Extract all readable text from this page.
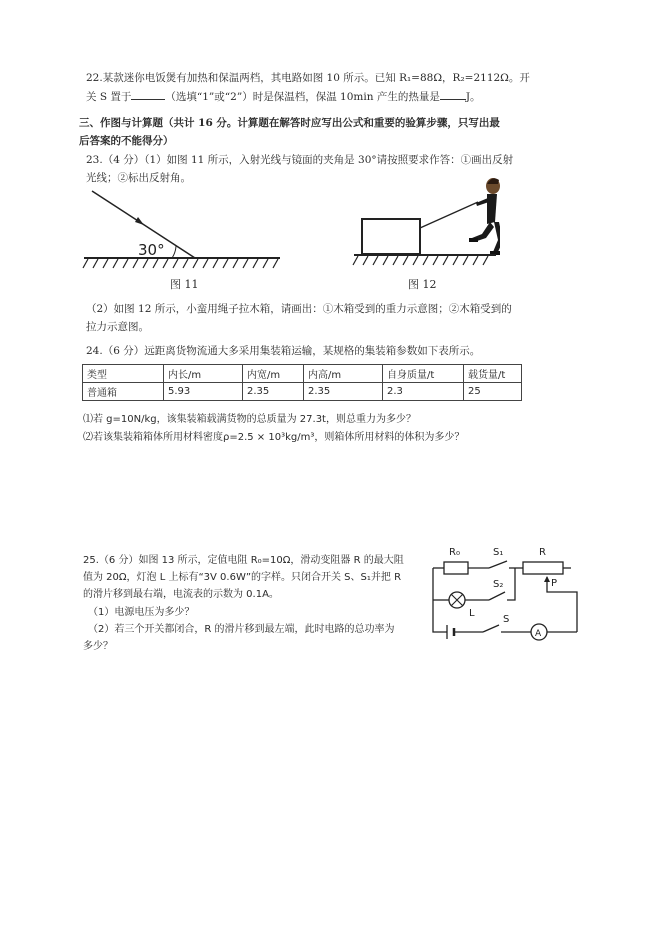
22.某款迷你电饭煲有加热和保温两档，其电路如图 10 所示。已知 R₁=88Ω，R₂=2112Ω。开
关 S 置于	（选填“1”或“2”）时是保温档，保温 10min 产生的热量是 J。
三、作图与计算题（共计 16 分。计算题在解答时应写出公式和重要的验算步骤，只写出最
后答案的不能得分）
23.（4 分）（1）如图 11 所示，入射光线与镜面的夹角是 30°请按照要求作答：①画出反射
光线；②标出反射角。
30°
图 11	图 12
（2）如图 12 所示，小蛮用绳子拉木箱，请画出：①木箱受到的重力示意图；②木箱受到的
拉力示意图。
24.（6 分）远距离货物流通大多采用集装箱运输，某规格的集装箱参数如下表所示。
类型	内长/m	内宽/m	内高/m	自身质量/t	载货量/t
普通箱	5.93	2.35	2.35	2.3	25
⑴若 g=10N/kg，该集装箱载满货物的总质量为 27.3t，则总重力为多少？
⑵若该集装箱箱体所用材料密度ρ=2.5 × 10³kg/m³，则箱体所用材料的体积为多少？
25.（6 分）如图 13 所示，定值电阻 R₀=10Ω，滑动变阻器 R 的最大阻
值为 20Ω，灯泡 L 上标有“3V 0.6W”的字样。只闭合开关 S、S₁并把 R
的滑片移到最右端，电流表的示数为 0.1A。
（1）电源电压为多少？
（2）若三个开关都闭合，R 的滑片移到最左端，此时电路的总功率为
多少？
R₀	S₁	R
S₂	P
L
S
A
